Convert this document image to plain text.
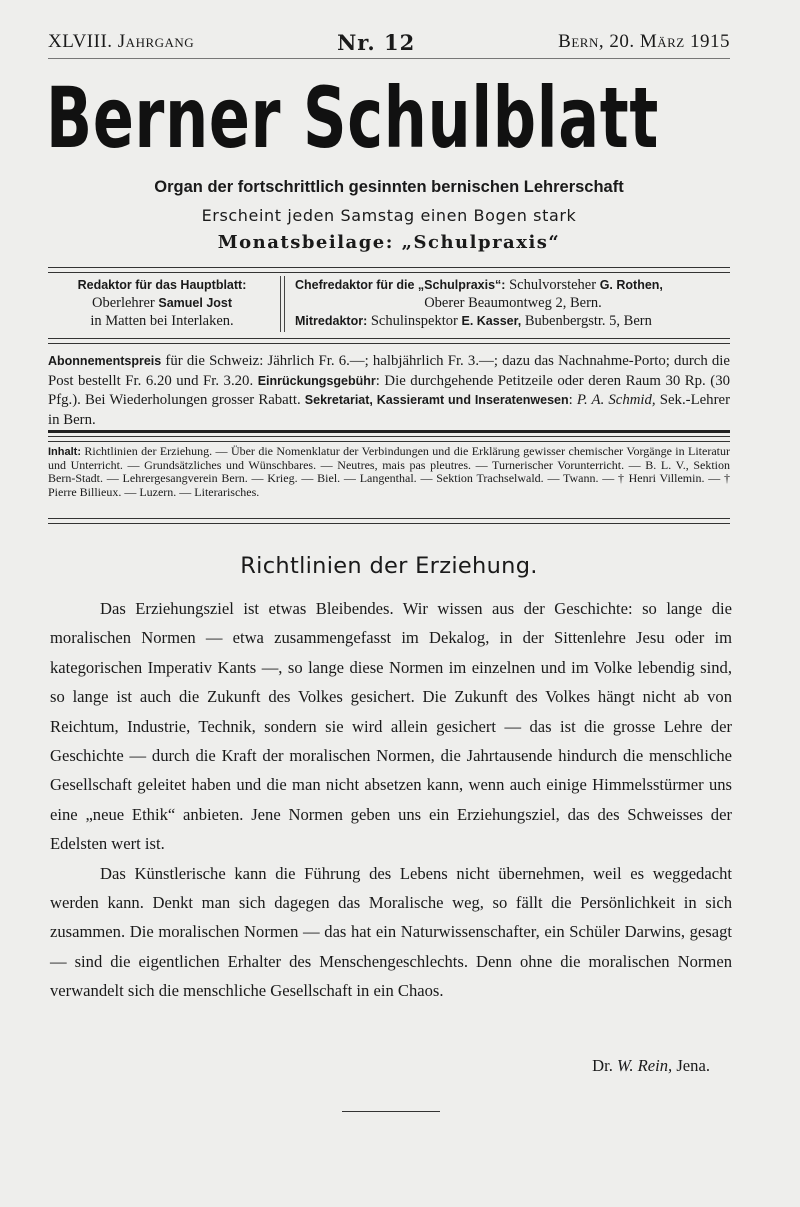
XLVIII. Jahrgang	Nr. 12	Bern, 20. März 1915
Berner Schulblatt
Organ der fortschrittlich gesinnten bernischen Lehrerschaft
Erscheint jeden Samstag einen Bogen stark
Monatsbeilage: „Schulpraxis“
Redaktor für das Hauptblatt:
Oberlehrer Samuel Jost
in Matten bei Interlaken.
Chefredaktor für die „Schulpraxis“: Schulvorsteher G. Rothen,
Oberer Beaumontweg 2, Bern.
Mitredaktor: Schulinspektor E. Kasser, Bubenbergstr. 5, Bern
Abonnementspreis für die Schweiz: Jährlich Fr. 6.—; halbjährlich Fr. 3.—; dazu das Nachnahme-Porto; durch die Post bestellt Fr. 6.20 und Fr. 3.20. Einrückungsgebühr: Die durchgehende Petitzeile oder deren Raum 30 Rp. (30 Pfg.). Bei Wiederholungen grosser Rabatt. Sekretariat, Kassieramt und Inseratenwesen: P. A. Schmid, Sek.-Lehrer in Bern.
Inhalt: Richtlinien der Erziehung. — Über die Nomenklatur der Verbindungen und die Erklärung gewisser chemischer Vorgänge in Literatur und Unterricht. — Grundsätzliches und Wünschbares. — Neutres, mais pas pleutres. — Turnerischer Vorunterricht. — B. L. V., Sektion Bern-Stadt. — Lehrergesangverein Bern. — Krieg. — Biel. — Langenthal. — Sektion Trachselwald. — Twann. — † Henri Villemin. — † Pierre Billieux. — Luzern. — Literarisches.
Richtlinien der Erziehung.

Das Erziehungsziel ist etwas Bleibendes. Wir wissen aus der Geschichte: so lange die moralischen Normen — etwa zusammengefasst im Dekalog, in der Sittenlehre Jesu oder im kategorischen Imperativ Kants —, so lange diese Normen im einzelnen und im Volke lebendig sind, so lange ist auch die Zukunft des Volkes gesichert. Die Zukunft des Volkes hängt nicht ab von Reichtum, Industrie, Technik, sondern sie wird allein gesichert — das ist die grosse Lehre der Geschichte — durch die Kraft der moralischen Normen, die Jahrtausende hindurch die menschliche Gesellschaft geleitet haben und die man nicht absetzen kann, wenn auch einige Himmelsstürmer uns eine „neue Ethik“ anbieten. Jene Normen geben uns ein Erziehungsziel, das des Schweisses der Edelsten wert ist.

Das Künstlerische kann die Führung des Lebens nicht übernehmen, weil es weggedacht werden kann. Denkt man sich dagegen das Moralische weg, so fällt die Persönlichkeit in sich zusammen. Die moralischen Normen — das hat ein Naturwissenschafter, ein Schüler Darwins, gesagt — sind die eigentlichen Erhalter des Menschengeschlechts. Denn ohne die moralischen Normen verwandelt sich die menschliche Gesellschaft in ein Chaos.

Dr. W. Rein, Jena.
